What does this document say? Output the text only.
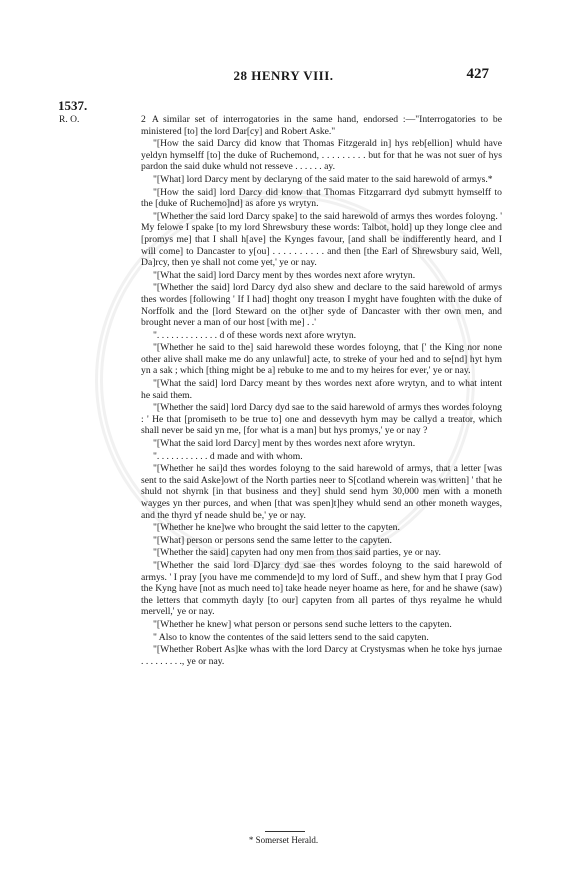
28 HENRY VIII.	427
1537.
R. O.	2 A similar set of interrogatories in the same hand, endorsed :—"Interrogatories to be ministered [to] the lord Dar[cy] and Robert Aske."

"[How the said Darcy did know that Thomas Fitzgerald in] hys reb[ellion] whuld have yeldyn hymselff [to] the duke of Ruchemond, . . . . . . . . . but for that he was not suer of hys pardon the said duke whuld not resseve . . . . . . ay.

"[What] lord Darcy ment by declaryng of the said mater to the said harewold of armys.*

"[How the said] lord Darcy did know that Thomas Fitzgarrard dyd submytt hymselff to the [duke of Ruchemo]nd] as afore ys wrytyn.

"[Whether the said lord Darcy spake] to the said harewold of armys thes wordes foloyng. ' My felowe I spake [to my lord Shrewsbury these words: Talbot, hold] up they longe clee and [promys me] that I shall h[ave] the Kynges favour, [and shall be indifferently heard, and I will come] to Dancaster to y[ou] . . . . . . . . . . and then [the Earl of Shrewsbury said, Well, Da]rcy, then ye shall not come yet,' ye or nay.

"[What the said] lord Darcy ment by thes wordes next afore wrytyn.

"[Whether the said] lord Darcy dyd also shew and declare to the said harewold of armys thes wordes [following ' If I had] thoght ony treason I myght have foughten with the duke of Norffolk and the [lord Steward on the ot]her syde of Dancaster with ther own men, and brought never a man of our host [with me] . .'

". . . . . . . . . . . . . d of these words next afore wrytyn.

"[Whether he said to the] said harewold these wordes foloyng, that [' the King nor none other alive shall make me do any unlawful] acte, to streke of your hed and to se[nd] hyt hym yn a sak ; which [thing might be a] rebuke to me and to my heires for ever,' ye or nay.

"[What the said] lord Darcy meant by thes wordes next afore wrytyn, and to what intent he said them.

"[Whether the said] lord Darcy dyd sae to the said harewold of armys thes wordes foloyng : ' He that [promiseth to be true to] one and dessevyth hym may be callyd a treator, which shall never be said yn me, [for what is a man] but hys promys,' ye or nay ?

"[What the said lord Darcy] ment by thes wordes next afore wrytyn.

". . . . . . . . . . . d made and with whom.

"[Whether he sai]d thes wordes foloyng to the said harewold of armys, that a letter [was sent to the said Aske]owt of the North parties neer to S[cotland wherein was written] ' that he shuld not shyrnk [in that business and they] shuld send hym 30,000 men with a moneth wayges yn ther purces, and when [that was spen]t]hey whuld send an other moneth wayges, and the thyrd yf neade shuld be,' ye or nay.

"[Whether he kne]we who brought the said letter to the capyten.

"[What] person or persons send the same letter to the capyten.

"[Whether the said] capyten had ony men from thos said parties, ye or nay.

"[Whether the said lord D]arcy dyd sae thes wordes foloyng to the said harewold of armys. ' I pray [you have me commende]d to my lord of Suff., and shew hym that I pray God the Kyng have [not as much need to] take heade neyer hoame as here, for and he shawe (saw) the letters that commyth dayly [to our] capyten from all partes of thys reyalme he whuld mervell,' ye or nay.

"[Whether he knew] what person or persons send suche letters to the capyten.

" Also to know the contentes of the said letters send to the said capyten.

"[Whether Robert As]ke whas with the lord Darcy at Crystysmas when he toke hys jurnae . . . . . . . . ., ye or nay.

* Somerset Herald.
